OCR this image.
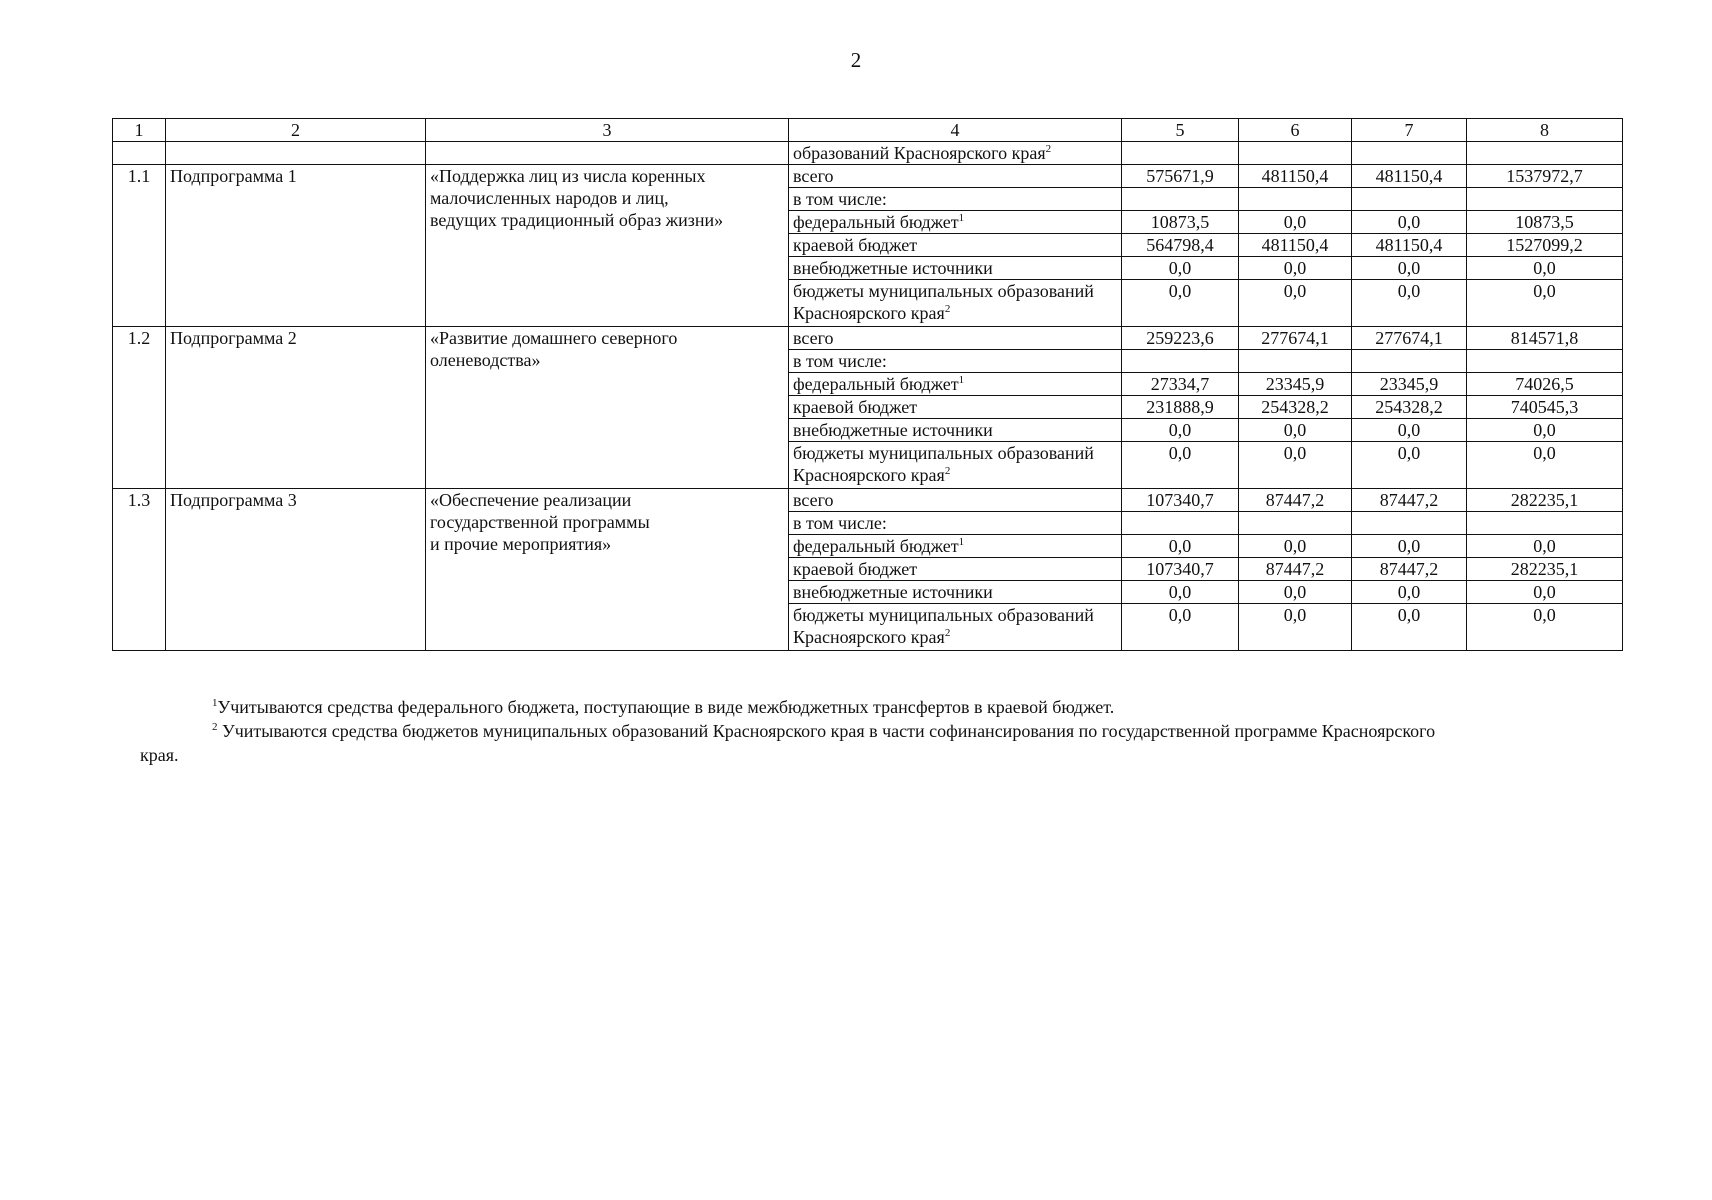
2
1	2	3	4	5	6	7	8
			образований Красноярского края$^2$				
1.1	Подпрограмма 1	«Поддержка лиц из числа коренных
малочисленных народов и лиц,
ведущих традиционный образ жизни»	всего	575671,9	481150,4	481150,4	1537972,7
			в том числе:				
			федеральный бюджет$^1$	10873,5	0,0	0,0	10873,5
			краевой бюджет	564798,4	481150,4	481150,4	1527099,2
			внебюджетные источники	0,0	0,0	0,0	0,0
			бюджеты муниципальных образований Красноярского края$^2$	0,0	0,0	0,0	0,0
1.2	Подпрограмма 2	«Развитие домашнего северного
оленеводства»	всего	259223,6	277674,1	277674,1	814571,8
			в том числе:				
			федеральный бюджет$^1$	27334,7	23345,9	23345,9	74026,5
			краевой бюджет	231888,9	254328,2	254328,2	740545,3
			внебюджетные источники	0,0	0,0	0,0	0,0
			бюджеты муниципальных образований Красноярского края$^2$	0,0	0,0	0,0	0,0
1.3	Подпрограмма 3	«Обеспечение реализации
государственной программы
и прочие мероприятия»	всего	107340,7	87447,2	87447,2	282235,1
			в том числе:				
			федеральный бюджет$^1$	0,0	0,0	0,0	0,0
			краевой бюджет	107340,7	87447,2	87447,2	282235,1
			внебюджетные источники	0,0	0,0	0,0	0,0
			бюджеты муниципальных образований Красноярского края$^2$	0,0	0,0	0,0	0,0

$^1$Учитываются средства федерального бюджета, поступающие в виде межбюджетных трансфертов в краевой бюджет.

$^2$ Учитываются средства бюджетов муниципальных образований Красноярского края в части софинансирования по государственной программе Красноярского

края.
